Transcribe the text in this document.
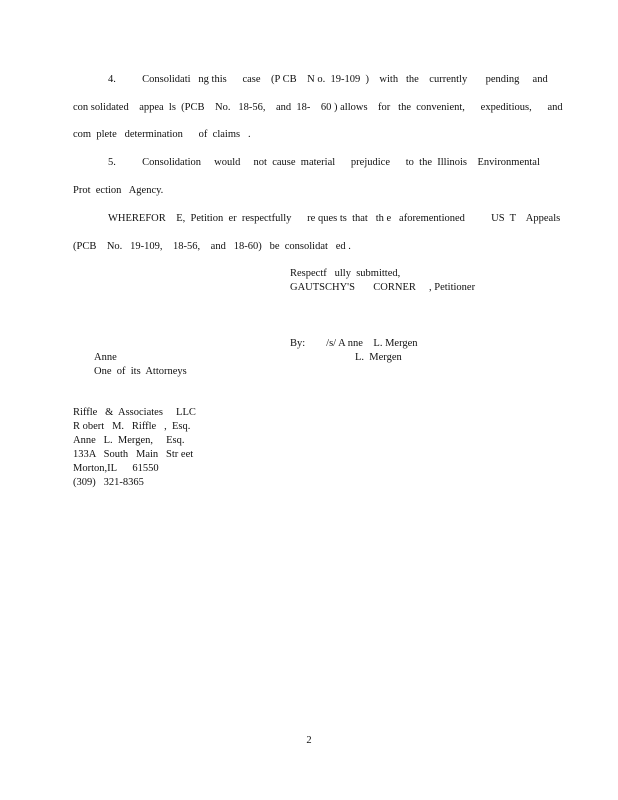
4.          Consolidati   ng this      case    (P CB    N o.  19-109  )    with   the    currently       pending     and
con solidated    appea  ls  (PCB    No.   18-56,    and  18-    60 ) allows    for   the  convenient,      expeditious,      and
com  plete   determination      of  claims   .
5.          Consolidation     would     not  cause  material      prejudice      to  the  Illinois    Environmental
Prot  ection   Agency.
WHEREFOR    E,  Petition  er  respectfully      re ques ts  that   th e   aforementioned          US  T    Appeals
(PCB    No.   19-109,    18-56,    and   18-60)   be  consolidat   ed .
Respectf   ully  submitted,
GAUTSCHY'S       CORNER     , Petitioner
By:        /s/ A nne    L. Mergen
Anne	L.  Mergen
One  of  its  Attorneys
Riffle   &  Associates     LLC
R obert   M.   Riffle   ,  Esq.
Anne   L.  Mergen,     Esq.
133A   South   Main   Str eet
Morton,IL      61550
(309)   321-8365
2
